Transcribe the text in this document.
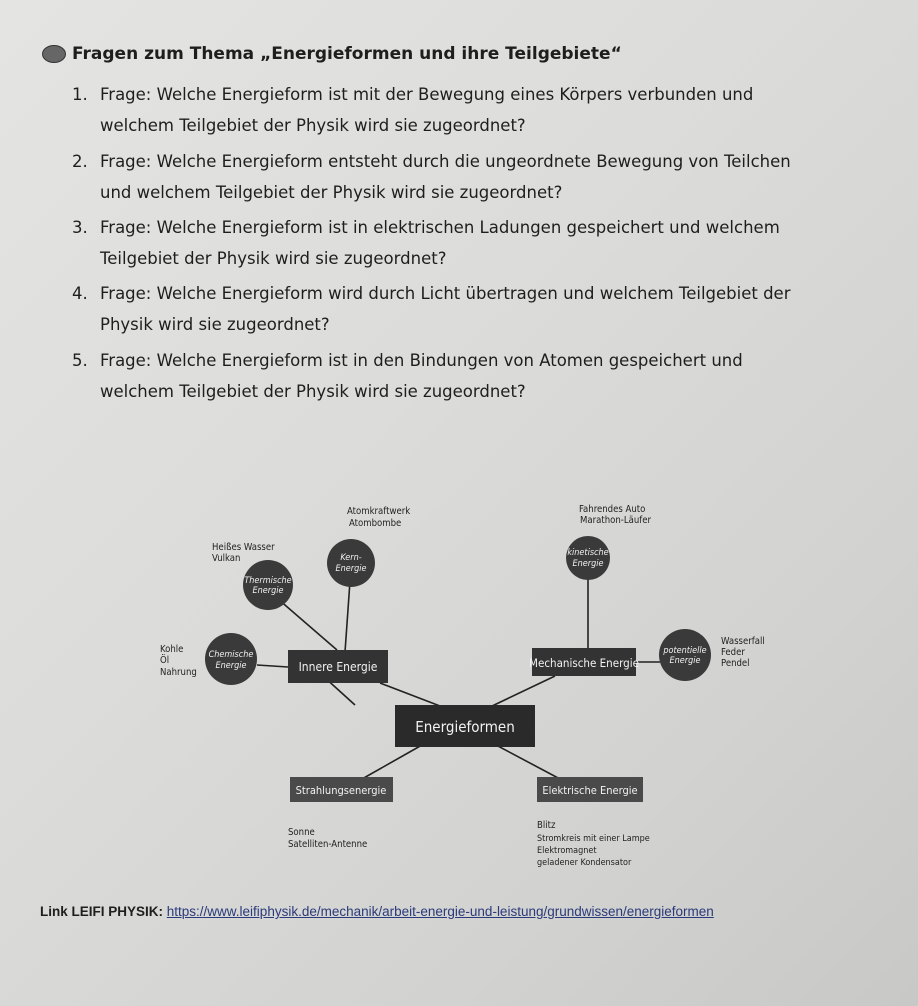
Fragen zum Thema „Energieformen und ihre Teilgebiete“
1. Frage: Welche Energieform ist mit der Bewegung eines Körpers verbunden und
welchem Teilgebiet der Physik wird sie zugeordnet?
2. Frage: Welche Energieform entsteht durch die ungeordnete Bewegung von Teilchen
und welchem Teilgebiet der Physik wird sie zugeordnet?
3. Frage: Welche Energieform ist in elektrischen Ladungen gespeichert und welchem
Teilgebiet der Physik wird sie zugeordnet?
4. Frage: Welche Energieform wird durch Licht übertragen und welchem Teilgebiet der
Physik wird sie zugeordnet?
5. Frage: Welche Energieform ist in den Bindungen von Atomen gespeichert und
welchem Teilgebiet der Physik wird sie zugeordnet?
Kern-
Energie
Thermische
Energie
Chemische
Energie
kinetische
Energie
potentielle
Energie
Innere Energie	Mechanische Energie
Energieformen
Strahlungsenergie	Elektrische Energie
Atomkraftwerk
Atombombe
Heißes Wasser
Vulkan
Kohle
Öl
Nahrung
Fahrendes Auto
Marathon-Läufer
Wasserfall
Feder
Pendel
Sonne
Satelliten-Antenne
Blitz
Stromkreis mit einer Lampe
Elektromagnet
geladener Kondensator
Link LEIFI PHYSIK: https://www.leifiphysik.de/mechanik/arbeit-energie-und-leistung/grundwissen/energieformen
